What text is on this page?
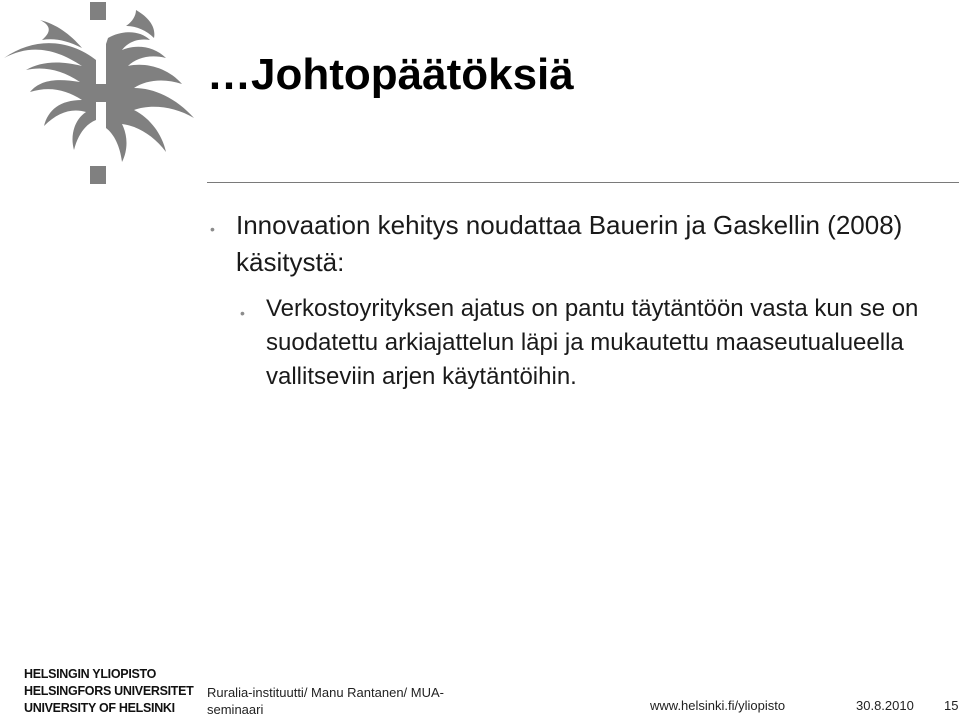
…Johtopäätöksiä
• Innovaation kehitys noudattaa Bauerin ja Gaskellin (2008) käsitystä:

• Verkostoyrityksen ajatus on pantu täytäntöön vasta kun se on suodatettu arkiajattelun läpi ja mukautettu maaseutualueella vallitseviin arjen käytäntöihin.

HELSINGIN YLIOPISTO
HELSINGFORS UNIVERSITET
UNIVERSITY OF HELSINKI
Ruralia-instituutti/ Manu Rantanen/ MUA-seminaari	www.helsinki.fi/yliopisto	30.8.2010 15
